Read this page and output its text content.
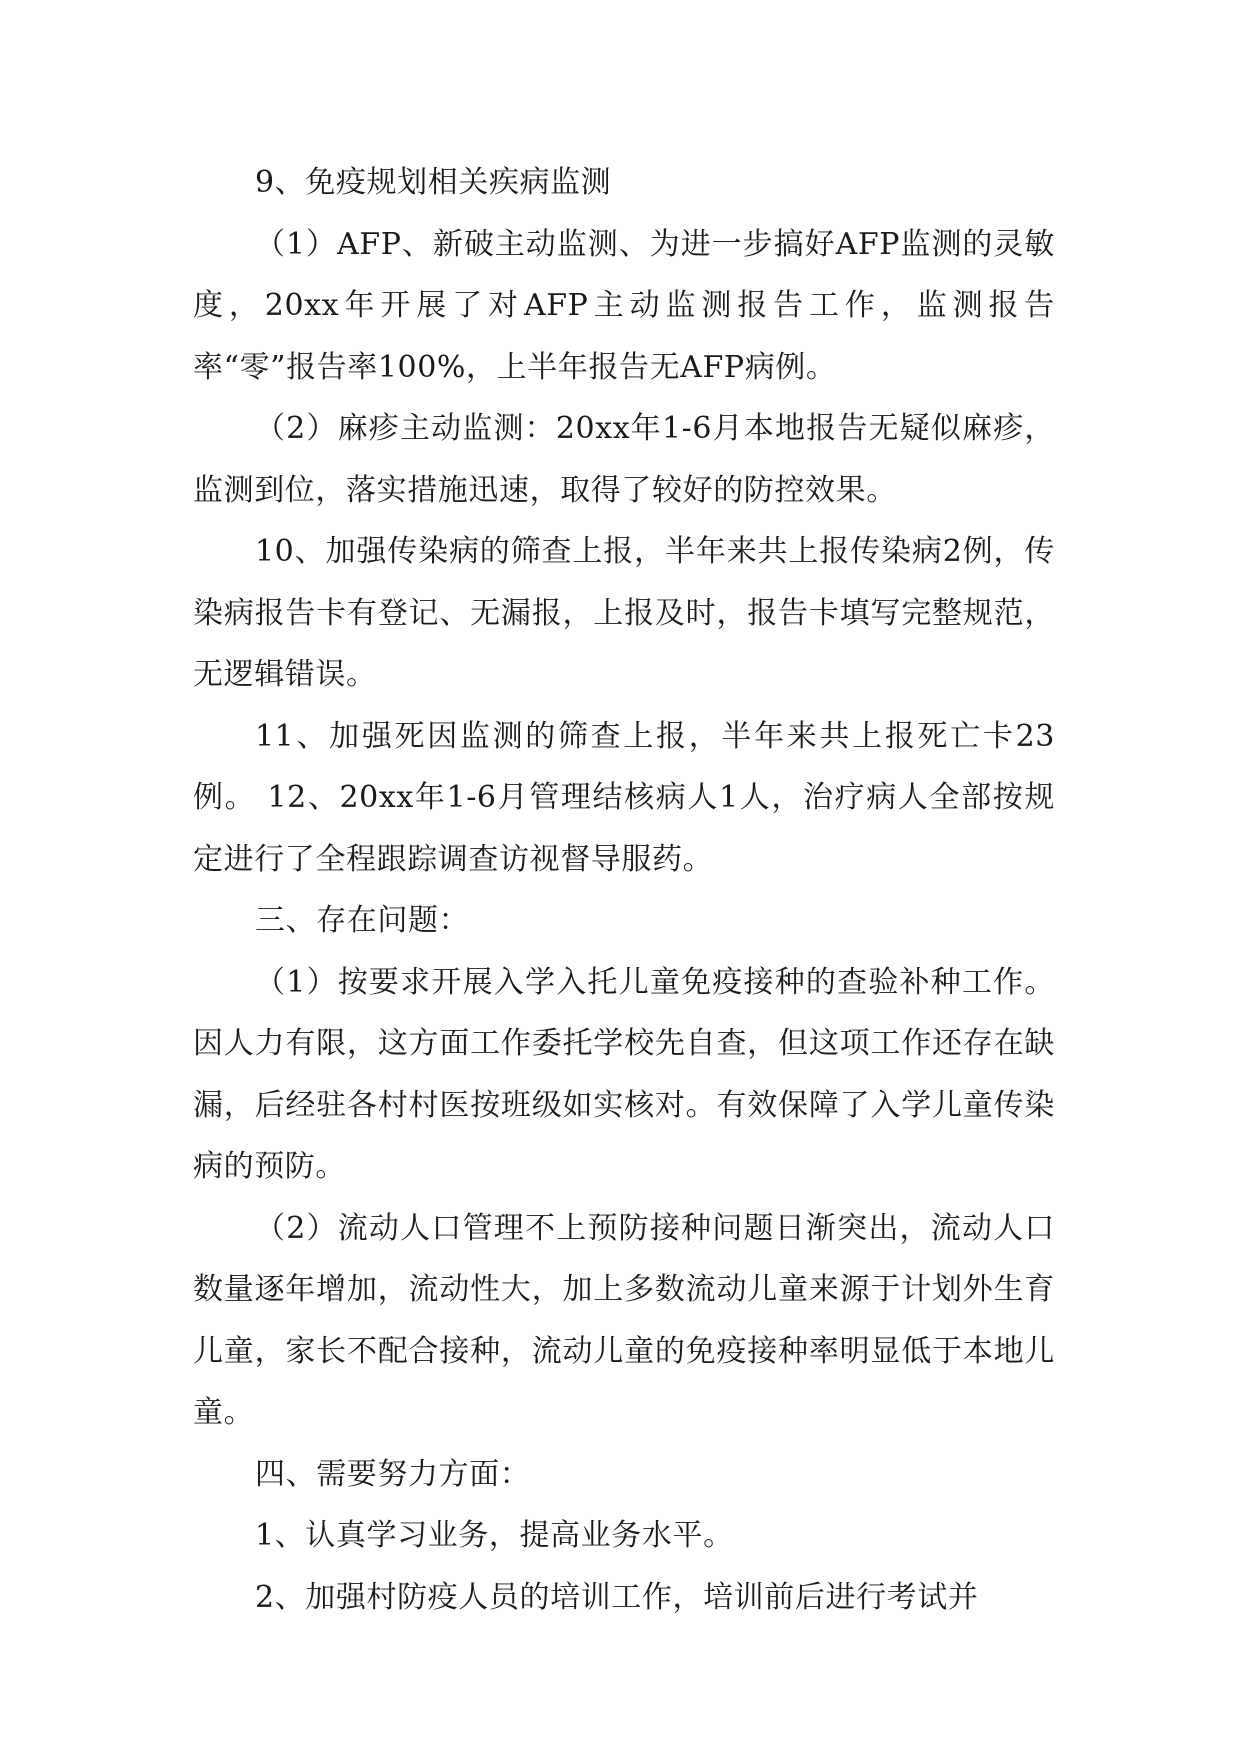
9、免疫规划相关疾病监测

（1）AFP、新破主动监测、为进一步搞好AFP监测的灵敏度，20xx年开展了对AFP主动监测报告工作，监测报告率“零”报告率100%，上半年报告无AFP病例。

（2）麻疹主动监测：20xx年1-6月本地报告无疑似麻疹，监测到位，落实措施迅速，取得了较好的防控效果。

10、加强传染病的筛查上报，半年来共上报传染病2例，传染病报告卡有登记、无漏报，上报及时，报告卡填写完整规范，无逻辑错误。

11、加强死因监测的筛查上报，半年来共上报死亡卡23例。 12、20xx年1-6月管理结核病人1人，治疗病人全部按规定进行了全程跟踪调查访视督导服药。

三、存在问题：

（1）按要求开展入学入托儿童免疫接种的查验补种工作。因人力有限，这方面工作委托学校先自查，但这项工作还存在缺漏，后经驻各村村医按班级如实核对。有效保障了入学儿童传染病的预防。

（2）流动人口管理不上预防接种问题日渐突出，流动人口数量逐年增加，流动性大，加上多数流动儿童来源于计划外生育儿童，家长不配合接种，流动儿童的免疫接种率明显低于本地儿童。

四、需要努力方面：

1、认真学习业务，提高业务水平。

2、加强村防疫人员的培训工作，培训前后进行考试并
